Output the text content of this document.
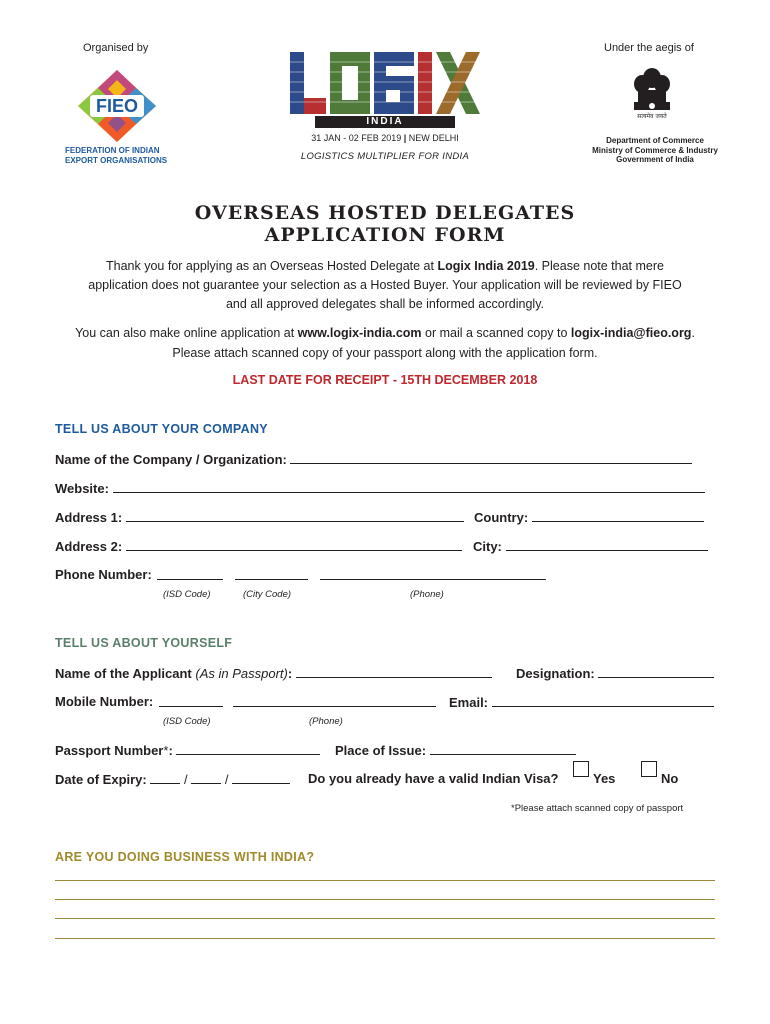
Organised by
FIEO
FEDERATION OF INDIAN
EXPORT ORGANISATIONS
INDIA
31 JAN - 02 FEB 2019 | NEW DELHI
LOGISTICS MULTIPLIER FOR INDIA
Under the aegis of
सत्यमेव जयते
Department of Commerce
Ministry of Commerce & Industry
Government of India
OVERSEAS HOSTED DELEGATES
APPLICATION FORM
Thank you for applying as an Overseas Hosted Delegate at Logix India 2019. Please note that mere
application does not guarantee your selection as a Hosted Buyer. Your application will be reviewed by FIEO
and all approved delegates shall be informed accordingly.
You can also make online application at www.logix-india.com or mail a scanned copy to logix-india@fieo.org.
Please attach scanned copy of your passport along with the application form.
LAST DATE FOR RECEIPT - 15TH DECEMBER 2018
TELL US ABOUT YOUR COMPANY
Name of the Company / Organization:
Website:
Address 1:	Country:
Address 2:	City:
Phone Number:
(ISD Code)	(City Code)	(Phone)
TELL US ABOUT YOURSELF
Name of the Applicant (As in Passport):	Designation:
Mobile Number:	Email:
(ISD Code)	(Phone)
Passport Number*:	Place of Issue:
Date of Expiry:	/	/	Do you already have a valid Indian Visa?	Yes	No
*Please attach scanned copy of passport
ARE YOU DOING BUSINESS WITH INDIA?
